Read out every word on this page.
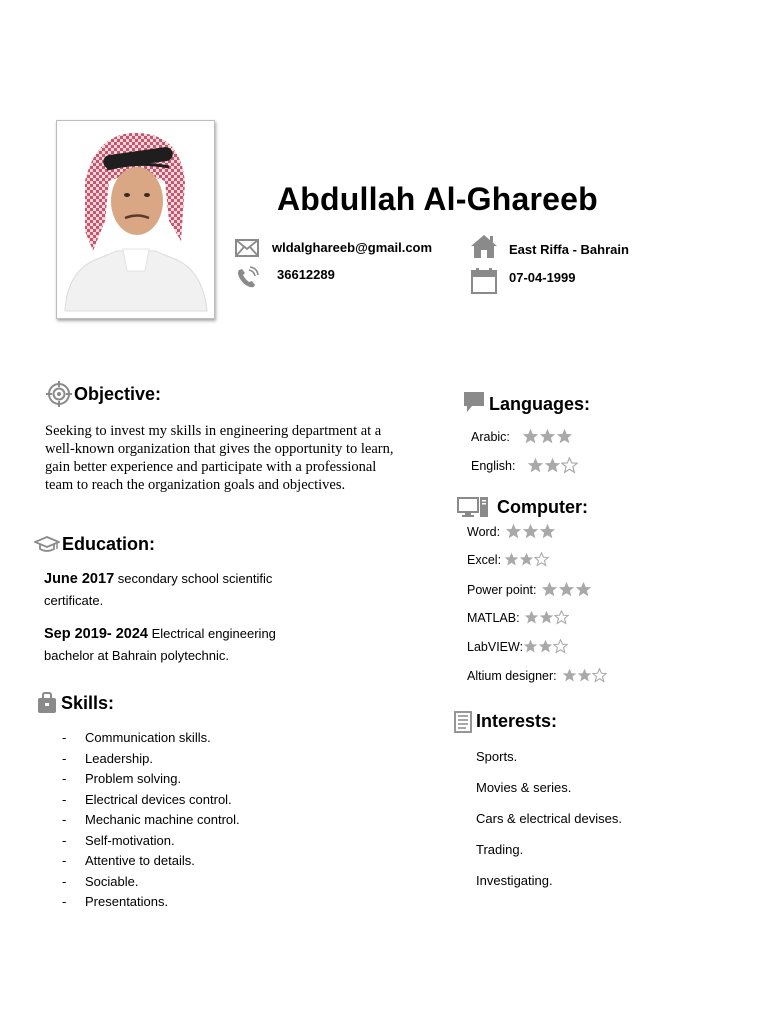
Abdullah Al-Ghareeb
wldalghareeb@gmail.com
36612289
East Riffa - Bahrain
07-04-1999
Objective:
Seeking to invest my skills in engineering department at a
well-known organization that gives the opportunity to learn,
gain better experience and participate with a professional
team to reach the organization goals and objectives.
Education:
June 2017 secondary school scientific
certificate.
Sep 2019- 2024 Electrical engineering
bachelor at Bahrain polytechnic.
Skills:
- Communication skills.
- Leadership.
- Problem solving.
- Electrical devices control.
- Mechanic machine control.
- Self-motivation.
- Attentive to details.
- Sociable.
- Presentations.
Languages:
Arabic:
English:
Computer:
Word:
Excel:
Power point:
MATLAB:
LabVIEW:
Altium designer:
Interests:
Sports.
Movies & series.
Cars & electrical devises.
Trading.
Investigating.
